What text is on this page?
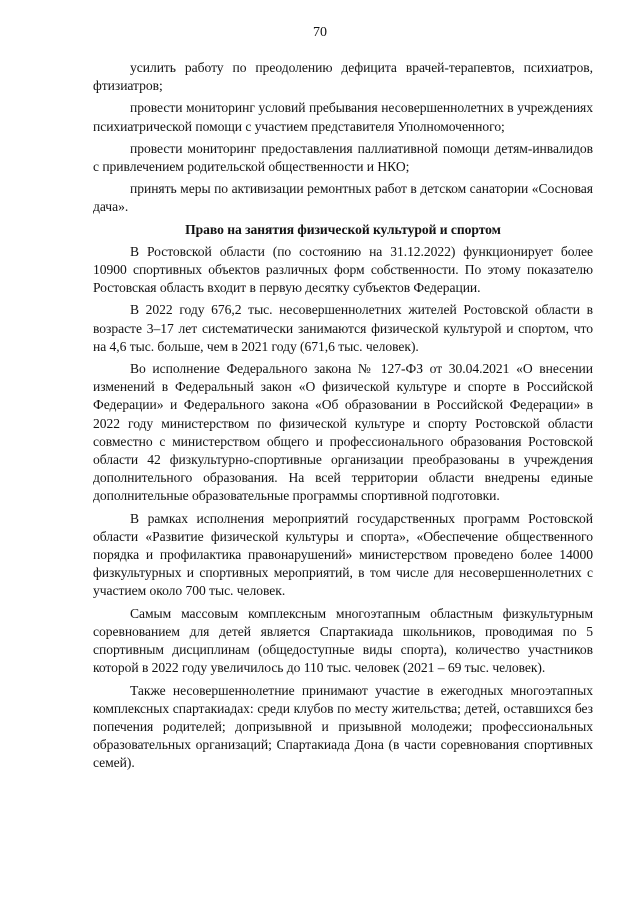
70

усилить работу по преодолению дефицита врачей-терапевтов, психиатров, фтизиатров;

провести мониторинг условий пребывания несовершеннолетних в учреждениях психиатрической помощи с участием представителя Уполномоченного;

провести мониторинг предоставления паллиативной помощи детям-инвалидов с привлечением родительской общественности и НКО;

принять меры по активизации ремонтных работ в детском санатории «Сосновая дача».

Право на занятия физической культурой и спортом

В Ростовской области (по состоянию на 31.12.2022) функционирует более 10900 спортивных объектов различных форм собственности. По этому показателю Ростовская область входит в первую десятку субъектов Федерации.

В 2022 году 676,2 тыс. несовершеннолетних жителей Ростовской области в возрасте 3–17 лет систематически занимаются физической культурой и спортом, что на 4,6 тыс. больше, чем в 2021 году (671,6 тыс. человек).

Во исполнение Федерального закона № 127-ФЗ от 30.04.2021 «О внесении изменений в Федеральный закон «О физической культуре и спорте в Российской Федерации» и Федерального закона «Об образовании в Российской Федерации» в 2022 году министерством по физической культуре и спорту Ростовской области совместно с министерством общего и профессионального образования Ростовской области 42 физкультурно-спортивные организации преобразованы в учреждения дополнительного образования. На всей территории области внедрены единые дополнительные образовательные программы спортивной подготовки.

В рамках исполнения мероприятий государственных программ Ростовской области «Развитие физической культуры и спорта», «Обеспечение общественного порядка и профилактика правонарушений» министерством проведено более 14000 физкультурных и спортивных мероприятий, в том числе для несовершеннолетних с участием около 700 тыс. человек.

Самым массовым комплексным многоэтапным областным физкультурным соревнованием для детей является Спартакиада школьников, проводимая по 5 спортивным дисциплинам (общедоступные виды спорта), количество участников которой в 2022 году увеличилось до 110 тыс. человек (2021 – 69 тыс. человек).

Также несовершеннолетние принимают участие в ежегодных многоэтапных комплексных спартакиадах: среди клубов по месту жительства; детей, оставшихся без попечения родителей; допризывной и призывной молодежи; профессиональных образовательных организаций; Спартакиада Дона (в части соревнования спортивных семей).
